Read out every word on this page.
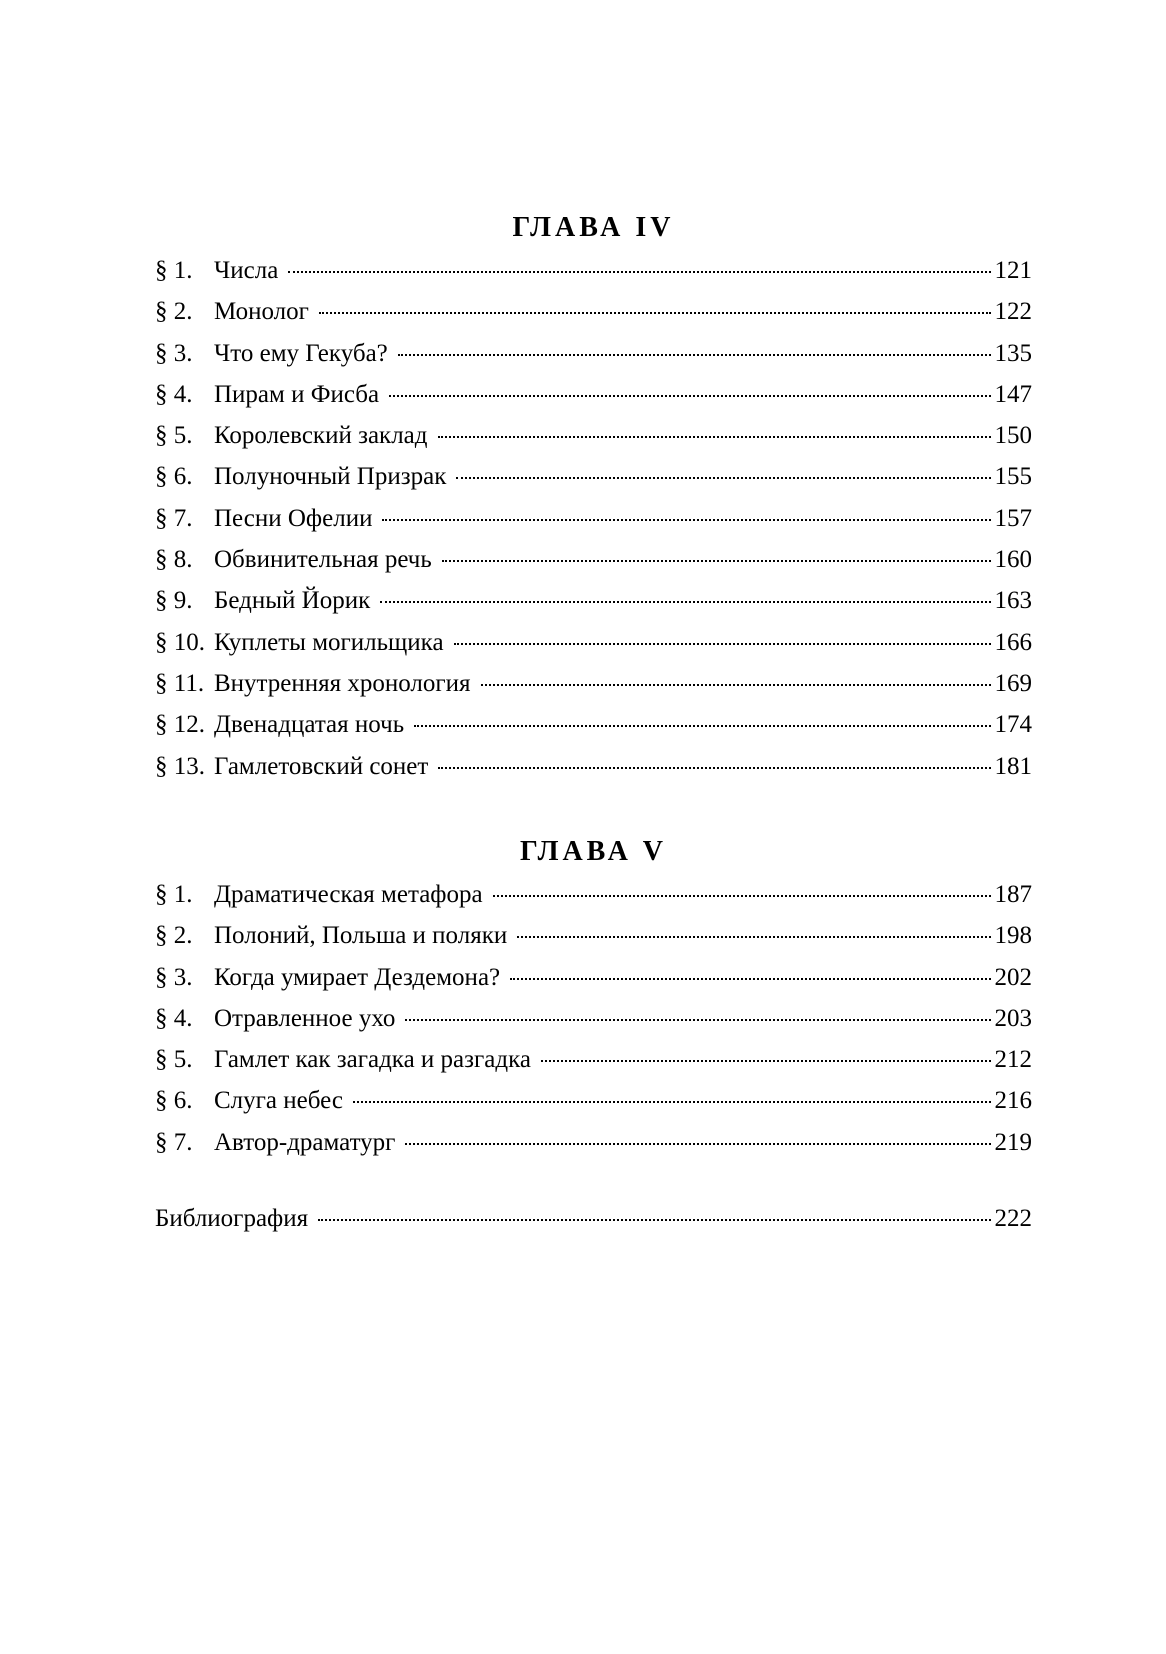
ГЛАВА IV
§ 1. Числа	121
§ 2. Монолог	122
§ 3. Что ему Гекуба?	135
§ 4. Пирам и Фисба	147
§ 5. Королевский заклад	150
§ 6. Полуночный Призрак	155
§ 7. Песни Офелии	157
§ 8. Обвинительная речь	160
§ 9. Бедный Йорик	163
§ 10. Куплеты могильщика	166
§ 11. Внутренняя хронология	169
§ 12. Двенадцатая ночь	174
§ 13. Гамлетовский сонет	181
ГЛАВА V
§ 1. Драматическая метафора	187
§ 2. Полоний, Польша и поляки	198
§ 3. Когда умирает Дездемона?	202
§ 4. Отравленное ухо	203
§ 5. Гамлет как загадка и разгадка	212
§ 6. Слуга небес	216
§ 7. Автор-драматург	219
Библиография	222
